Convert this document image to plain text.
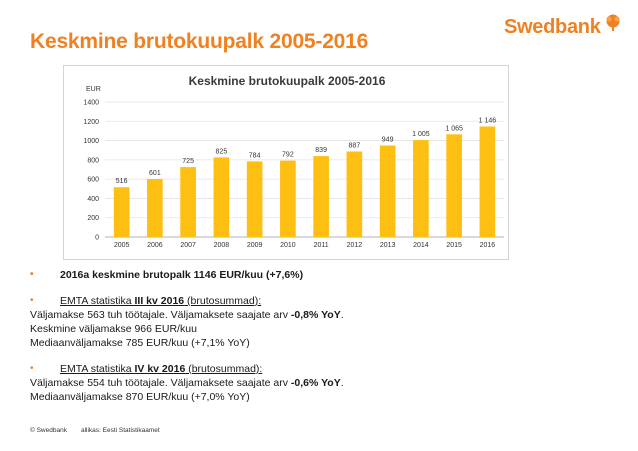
Keskmine brutokuupalk 2005-2016
Swedbank
Keskmine brutokuupalk 2005-2016
EUR
0
200
400
600
800
1000
1200
1400
516
601
725
825
784	792
839
887
949
1 005
1 065
1 146
2005	2006	2007	2008	2009	2010	2011	2012	2013	2014	2015	2016
•	2016a keskmine brutopalk 1146 EUR/kuu (+7,6%)
•	EMTA statistika III kv 2016 (brutosummad):
Väljamakse 563 tuh töötajale. Väljamaksete saajate arv -0,8% YoY.
Keskmine väljamakse 966 EUR/kuu
Mediaanväljamakse 785 EUR/kuu (+7,1% YoY)
•	EMTA statistika IV kv 2016 (brutosummad):
Väljamakse 554 tuh töötajale. Väljamaksete saajate arv -0,6% YoY.
Mediaanväljamakse 870 EUR/kuu (+7,0% YoY)
© Swedbank allikas: Eesti Statistikaamet
